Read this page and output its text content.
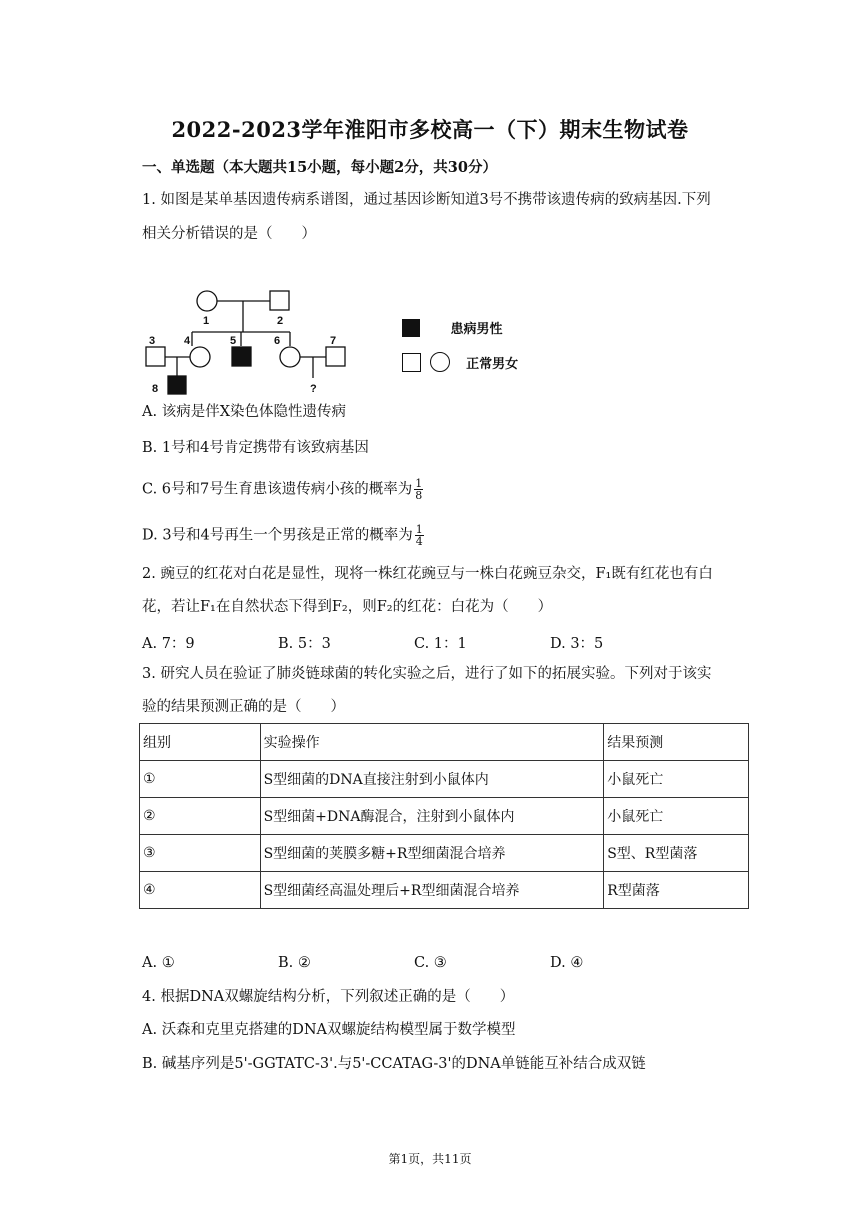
2022-2023学年淮阳市多校高一（下）期末生物试卷
一、单选题（本大题共15小题，每小题2分，共30分）
1. 如图是某单基因遗传病系谱图，通过基因诊断知道3号不携带该遗传病的致病基因.下列
相关分析错误的是（　　）
1	2
3	4	5	6	7
8	?
患病男性
正常男女
A. 该病是伴X染色体隐性遗传病
B. 1号和4号肯定携带有该致病基因
C. 6号和7号生育患该遗传病小孩的概率为 $\frac{1}{8}$
D. 3号和4号再生一个男孩是正常的概率为 $\frac{1}{4}$
2. 豌豆的红花对白花是显性，现将一株红花豌豆与一株白花豌豆杂交，F₁既有红花也有白
花，若让F₁在自然状态下得到F₂，则F₂的红花：白花为（　　）
A. 7：9	B. 5：3	C. 1：1	D. 3：5
3. 研究人员在验证了肺炎链球菌的转化实验之后，进行了如下的拓展实验。下列对于该实
验的结果预测正确的是（　　）
组别	实验操作	结果预测
①	S型细菌的DNA直接注射到小鼠体内	小鼠死亡
②	S型细菌+DNA酶混合，注射到小鼠体内	小鼠死亡
③	S型细菌的荚膜多糖+R型细菌混合培养	S型、R型菌落
④	S型细菌经高温处理后+R型细菌混合培养	R型菌落
A. ①	B. ②	C. ③	D. ④
4. 根据DNA双螺旋结构分析，下列叙述正确的是（　　）
A. 沃森和克里克搭建的DNA双螺旋结构模型属于数学模型
B. 碱基序列是5'-GGTATC-3'.与5'-CCATAG-3'的DNA单链能互补结合成双链
第1页，共11页
